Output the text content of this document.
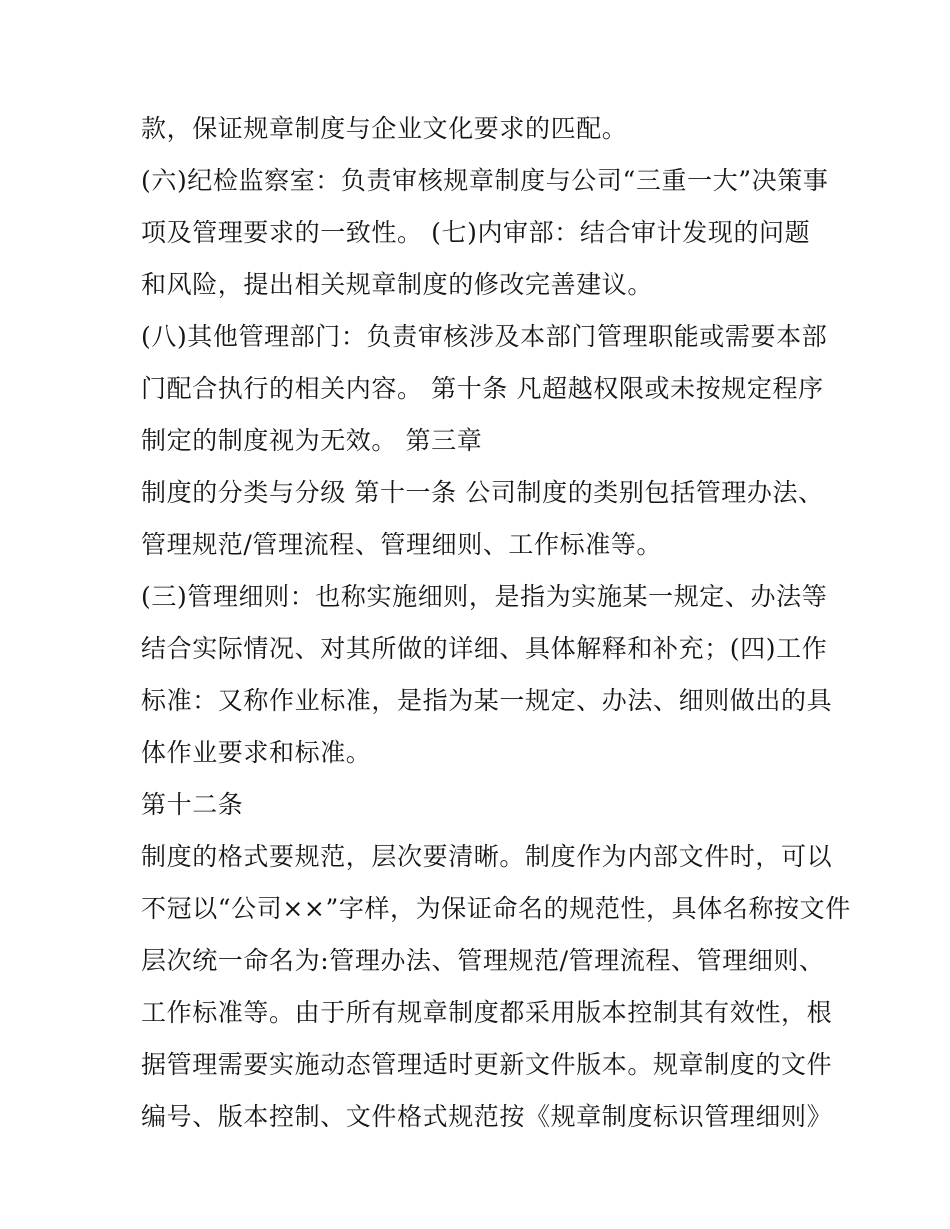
款，保证规章制度与企业文化要求的匹配。
(六)纪检监察室：负责审核规章制度与公司“三重一大”决策事
项及管理要求的一致性。 (七)内审部：结合审计发现的问题
和风险，提出相关规章制度的修改完善建议。
(八)其他管理部门：负责审核涉及本部门管理职能或需要本部
门配合执行的相关内容。 第十条 凡超越权限或未按规定程序
制定的制度视为无效。 第三章
制度的分类与分级 第十一条 公司制度的类别包括管理办法、
管理规范/管理流程、管理细则、工作标准等。
(三)管理细则：也称实施细则，是指为实施某一规定、办法等
结合实际情况、对其所做的详细、具体解释和补充；(四)工作
标准：又称作业标准，是指为某一规定、办法、细则做出的具
体作业要求和标准。
第十二条
制度的格式要规范，层次要清晰。制度作为内部文件时，可以
不冠以“公司××”字样，为保证命名的规范性，具体名称按文件
层次统一命名为:管理办法、管理规范/管理流程、管理细则、
工作标准等。由于所有规章制度都采用版本控制其有效性，根
据管理需要实施动态管理适时更新文件版本。规章制度的文件
编号、版本控制、文件格式规范按《规章制度标识管理细则》
